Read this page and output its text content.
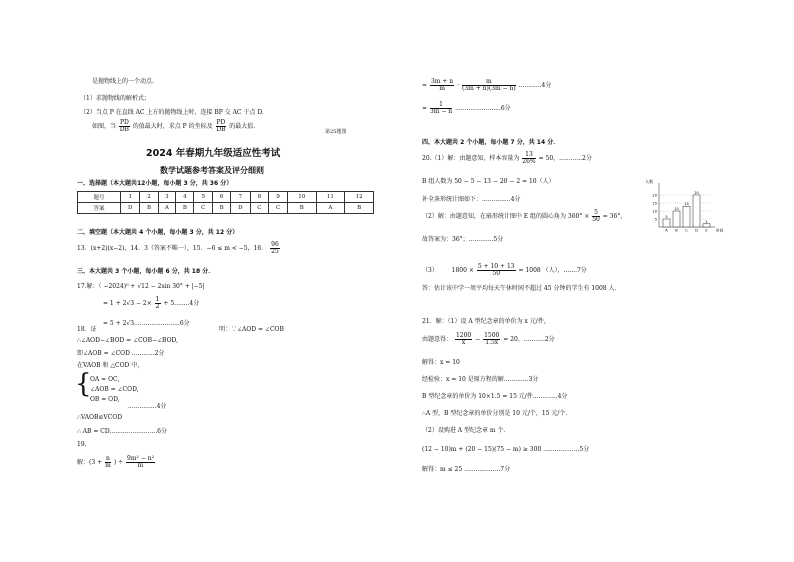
是抛物线上的一个动点.
（1）求抛物线的解析式；
（2）当点 P 在直线 AC 上方的抛物线上时，连接 BP 交 AC 于点 D.
如图，当 $\frac{PD}{DB}$ 的值最大时，求点 P 的坐标及 $\frac{PD}{DB}$ 的最大值.
第25题图
2024 年春期九年级适应性考试
数学试题参考答案及评分细则
一、选择题（本大题共12小题，每小题 3 分，共 36 分）
题号	1	2	3	4	5	6	7	8	9	10	11	12
答案	D	B	A	B	C	B	D	C	C	B	A	B
二、填空题（本大题共 4 个小题，每小题 3 分，共 12 分）
13．(x+2)(x−2)，14．3（答案不唯一），15．−6 ≤ m < −5，16． $\frac{96}{25}$
三、本大题共 3 个小题，每小题 6 分，共 18 分．
17.解：（ −2024)⁰ + √12 − 2sin 30° + |−5|
= $1 + 2√3 - 2\times \frac{1}{2} + 5........4$分
= 5 + 2√3........................6分
18．证	明：∵∠AOD = ∠COB
∴∠AOD−∠BOD = ∠COB−∠BOD,
即∠AOB = ∠COD ............2分
在VAOB 和 △COD 中，
{
OA = OC,
∠AOB = ∠COD,
OB = OD,
...............4分
∴VAOB≌VCOD
∴ AB = CD.........................6分
19.
解：($3 + \frac{n}{m}$ ) ÷ $\frac{\text{9m² − n²}}{m}$
= $\frac{3m + n}{m} \cdot \frac{m}{(3m + n)(3m - n)} ............4$分
= $\frac{1}{3m - n} ........................6$分
四、本大题共 2 个小题，每小题 7 分，共 14 分．
20.（1）解：由题意知，样本容量为 $\frac{13}{26\%} = 50$，............2分
B 组人数为 50 − 5 − 13 − 20 − 2 = 10（人）
补全条形统计图如下：...............4分
（2）解：由题意知，在扇形统计图中 E 组的圆心角为 $360^\circ \times \frac{5}{50} = 36^\circ$，
故答案为：36°；.............5分
（3） $1800 \times \frac{5 + 10 + 13}{50} = 1008$ （人），.......7分
答：估计该中学一周平均每天午休时间不超过 45 分钟的学生有 1008 人．
人数
20
15
10
5
5
A
10
B
13
C
20
D
2
E 时间
21．解：（1）设 A 型纪念章的单价为 x 元/件，
由题意得： $\frac{1200}{x} - \frac{1500}{1.5x} = 20$，...........2分
解得：x = 10
经检验：x = 10 是原方程的解.............3分
B 型纪念章的单价为 10×1.5 = 15 元/件.............4分
∴A 型，B 型纪念章的单价分别是 10 元/个，15 元/个．
（2）设购进 A 型纪念章 m 个．
(12 − 10)m + (20 − 15)(75 − m) ≥ 300 ...................5分
解得：m ≤ 25 ...................7分
